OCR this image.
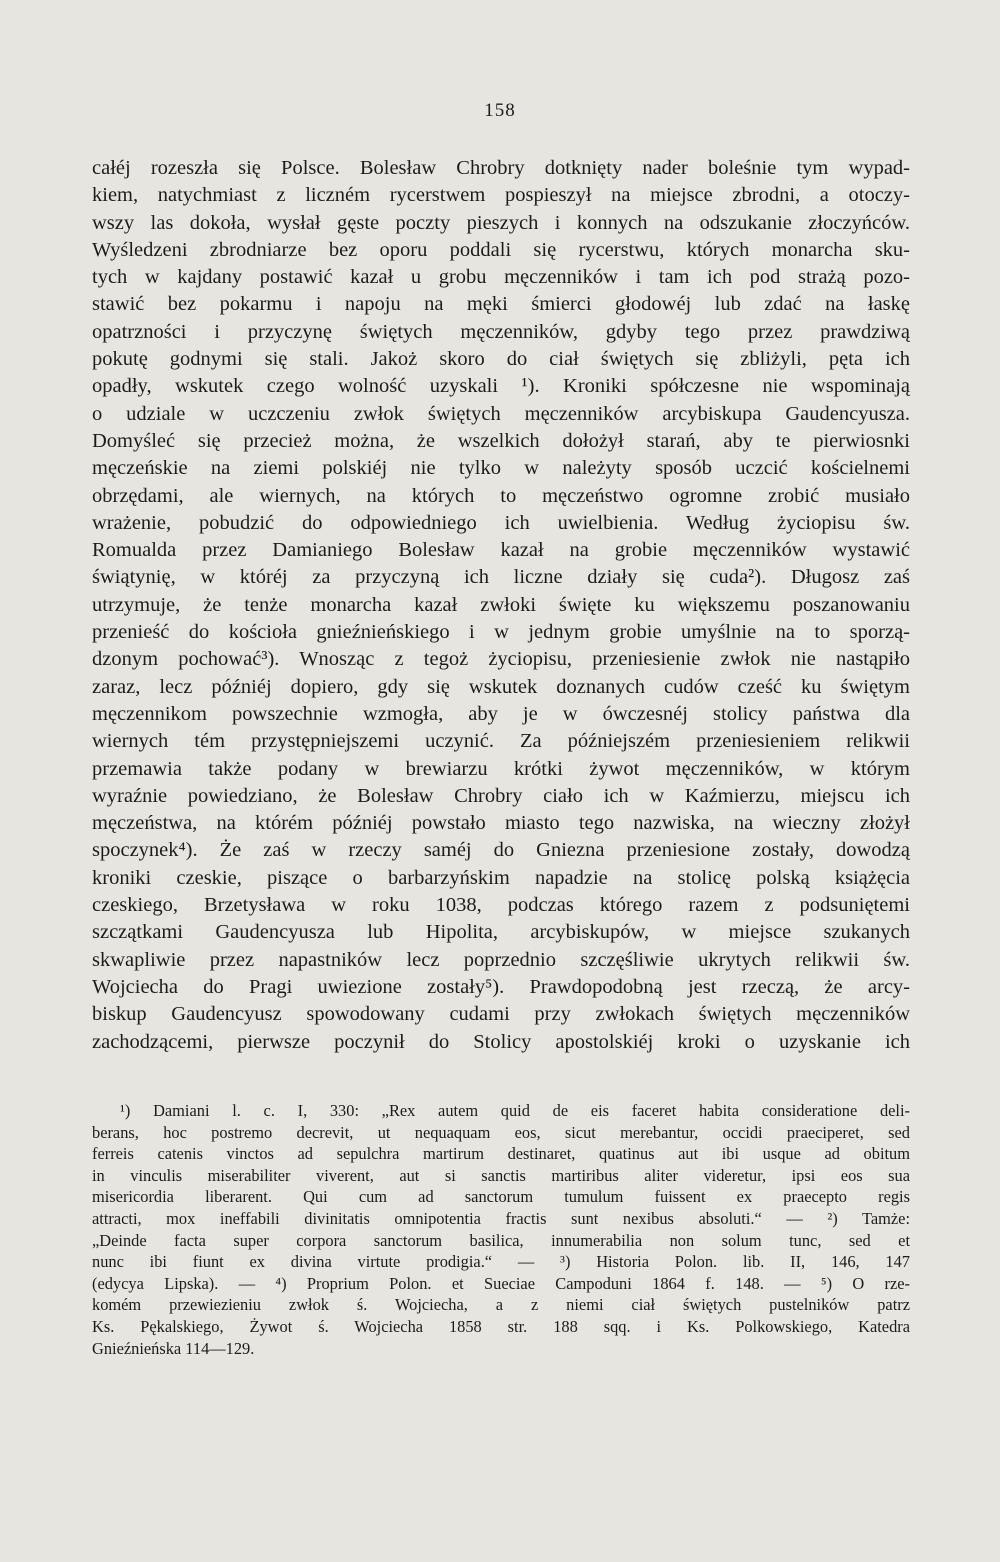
158
całéj rozeszła się Polsce. Bolesław Chrobry dotknięty nader boleśnie tym wypad-
kiem, natychmiast z liczném rycerstwem pospieszył na miejsce zbrodni, a otoczy-
wszy las dokoła, wysłał gęste poczty pieszych i konnych na odszukanie złoczyńców.
Wyśledzeni zbrodniarze bez oporu poddali się rycerstwu, których monarcha sku-
tych w kajdany postawić kazał u grobu męczenników i tam ich pod strażą pozo-
stawić bez pokarmu i napoju na męki śmierci głodowéj lub zdać na łaskę
opatrzności i przyczynę świętych męczenników, gdyby tego przez prawdziwą
pokutę godnymi się stali. Jakoż skoro do ciał świętych się zbliżyli, pęta ich
opadły, wskutek czego wolność uzyskali ¹). Kroniki spółczesne nie wspominają
o udziale w uczczeniu zwłok świętych męczenników arcybiskupa Gaudencyusza.
Domyśleć się przecież można, że wszelkich dołożył starań, aby te pierwiosnki
męczeńskie na ziemi polskiéj nie tylko w należyty sposób uczcić kościelnemi
obrzędami, ale wiernych, na których to męczeństwo ogromne zrobić musiało
wrażenie, pobudzić do odpowiedniego ich uwielbienia. Według życiopisu św.
Romualda przez Damianiego Bolesław kazał na grobie męczenników wystawić
świątynię, w któréj za przyczyną ich liczne działy się cuda²). Długosz zaś
utrzymuje, że tenże monarcha kazał zwłoki święte ku większemu poszanowaniu
przenieść do kościoła gnieźnieńskiego i w jednym grobie umyślnie na to sporzą-
dzonym pochować³). Wnosząc z tegoż życiopisu, przeniesienie zwłok nie nastąpiło
zaraz, lecz późniéj dopiero, gdy się wskutek doznanych cudów cześć ku świętym
męczennikom powszechnie wzmogła, aby je w ówczesnéj stolicy państwa dla
wiernych tém przystępniejszemi uczynić. Za późniejszém przeniesieniem relikwii
przemawia także podany w brewiarzu krótki żywot męczenników, w którym
wyraźnie powiedziano, że Bolesław Chrobry ciało ich w Kaźmierzu, miejscu ich
męczeństwa, na którém późniéj powstało miasto tego nazwiska, na wieczny złożył
spoczynek⁴). Że zaś w rzeczy saméj do Gniezna przeniesione zostały, dowodzą
kroniki czeskie, piszące o barbarzyńskim napadzie na stolicę polską książęcia
czeskiego, Brzetysława w roku 1038, podczas którego razem z podsuniętemi
szczątkami Gaudencyusza lub Hipolita, arcybiskupów, w miejsce szukanych
skwapliwie przez napastników lecz poprzednio szczęśliwie ukrytych relikwii św.
Wojciecha do Pragi uwiezione zostały⁵). Prawdopodobną jest rzeczą, że arcy-
biskup Gaudencyusz spowodowany cudami przy zwłokach świętych męczenników
zachodzącemi, pierwsze poczynił do Stolicy apostolskiéj kroki o uzyskanie ich
¹) Damiani l. c. I, 330: „Rex autem quid de eis faceret habita consideratione deli-
berans, hoc postremo decrevit, ut nequaquam eos, sicut merebantur, occidi praeciperet, sed
ferreis catenis vinctos ad sepulchra martirum destinaret, quatinus aut ibi usque ad obitum
in vinculis miserabiliter viverent, aut si sanctis martiribus aliter videretur, ipsi eos sua
misericordia liberarent. Qui cum ad sanctorum tumulum fuissent ex praecepto regis
attracti, mox ineffabili divinitatis omnipotentia fractis sunt nexibus absoluti.“ — ²) Tamże:
„Deinde facta super corpora sanctorum basilica, innumerabilia non solum tunc, sed et
nunc ibi fiunt ex divina virtute prodigia.“ — ³) Historia Polon. lib. II, 146, 147
(edycya Lipska). — ⁴) Proprium Polon. et Sueciae Campoduni 1864 f. 148. — ⁵) O rze-
komém przewiezieniu zwłok ś. Wojciecha, a z niemi ciał świętych pustelników patrz
Ks. Pękalskiego, Żywot ś. Wojciecha 1858 str. 188 sqq. i Ks. Polkowskiego, Katedra
Gnieźnieńska 114—129.
